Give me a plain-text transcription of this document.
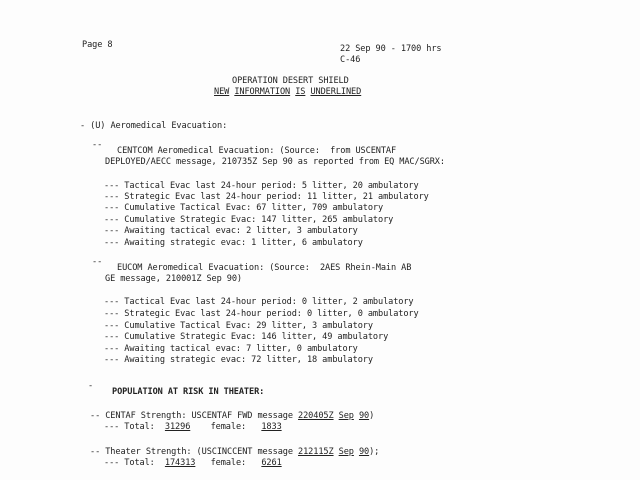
Page 8	22 Sep 90 - 1700 hrs
C-46
OPERATION DESERT SHIELD
NEW INFORMATION IS UNDERLINED
- (U) Aeromedical Evacuation:
--
CENTCOM Aeromedical Evacuation: (Source:  from USCENTAF
DEPLOYED/AECC message, 210735Z Sep 90 as reported from EQ MAC/SGRX:
--- Tactical Evac last 24-hour period: 5 litter, 20 ambulatory
--- Strategic Evac last 24-hour period: 11 litter, 21 ambulatory
--- Cumulative Tactical Evac: 67 litter, 709 ambulatory
--- Cumulative Strategic Evac: 147 litter, 265 ambulatory
--- Awaiting tactical evac: 2 litter, 3 ambulatory
--- Awaiting strategic evac: 1 litter, 6 ambulatory
--
EUCOM Aeromedical Evacuation: (Source:  2AES Rhein-Main AB
GE message, 210001Z Sep 90)
--- Tactical Evac last 24-hour period: 0 litter, 2 ambulatory
--- Strategic Evac last 24-hour period: 0 litter, 0 ambulatory
--- Cumulative Tactical Evac: 29 litter, 3 ambulatory
--- Cumulative Strategic Evac: 146 litter, 49 ambulatory
--- Awaiting tactical evac: 7 litter, 0 ambulatory
--- Awaiting strategic evac: 72 litter, 18 ambulatory
-
POPULATION AT RISK IN THEATER:
-- CENTAF Strength: USCENTAF FWD message 220405Z Sep 90)
--- Total: 31296 female: 1833
-- Theater Strength: (USCINCCENT message 212115Z Sep 90);
--- Total: 174313 female: 6261
